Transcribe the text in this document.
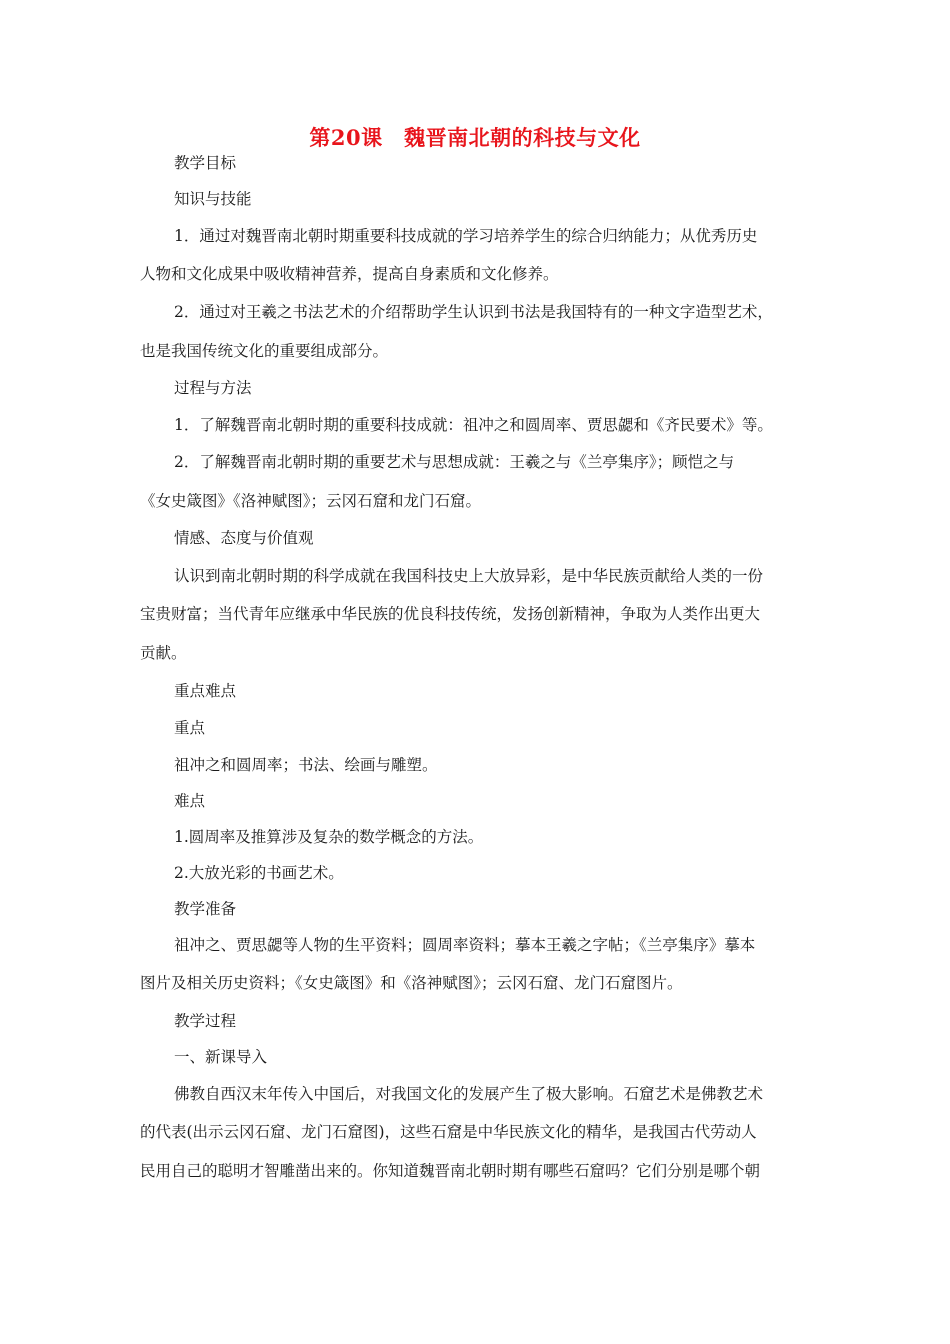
第20课　魏晋南北朝的科技与文化
教学目标
知识与技能
1．通过对魏晋南北朝时期重要科技成就的学习培养学生的综合归纳能力；从优秀历史
人物和文化成果中吸收精神营养，提高自身素质和文化修养。
2．通过对王羲之书法艺术的介绍帮助学生认识到书法是我国特有的一种文字造型艺术，
也是我国传统文化的重要组成部分。
过程与方法
1．了解魏晋南北朝时期的重要科技成就：祖冲之和圆周率、贾思勰和《齐民要术》等。
2．了解魏晋南北朝时期的重要艺术与思想成就：王羲之与《兰亭集序》；顾恺之与
《女史箴图》《洛神赋图》；云冈石窟和龙门石窟。
情感、态度与价值观
认识到南北朝时期的科学成就在我国科技史上大放异彩，是中华民族贡献给人类的一份
宝贵财富；当代青年应继承中华民族的优良科技传统，发扬创新精神，争取为人类作出更大
贡献。
重点难点
重点
祖冲之和圆周率；书法、绘画与雕塑。
难点
1.圆周率及推算涉及复杂的数学概念的方法。
2.大放光彩的书画艺术。
教学准备
祖冲之、贾思勰等人物的生平资料；圆周率资料；摹本王羲之字帖；《兰亭集序》摹本
图片及相关历史资料；《女史箴图》和《洛神赋图》；云冈石窟、龙门石窟图片。
教学过程
一、新课导入
佛教自西汉末年传入中国后，对我国文化的发展产生了极大影响。石窟艺术是佛教艺术
的代表(出示云冈石窟、龙门石窟图)，这些石窟是中华民族文化的精华，是我国古代劳动人
民用自己的聪明才智雕凿出来的。你知道魏晋南北朝时期有哪些石窟吗？它们分别是哪个朝
